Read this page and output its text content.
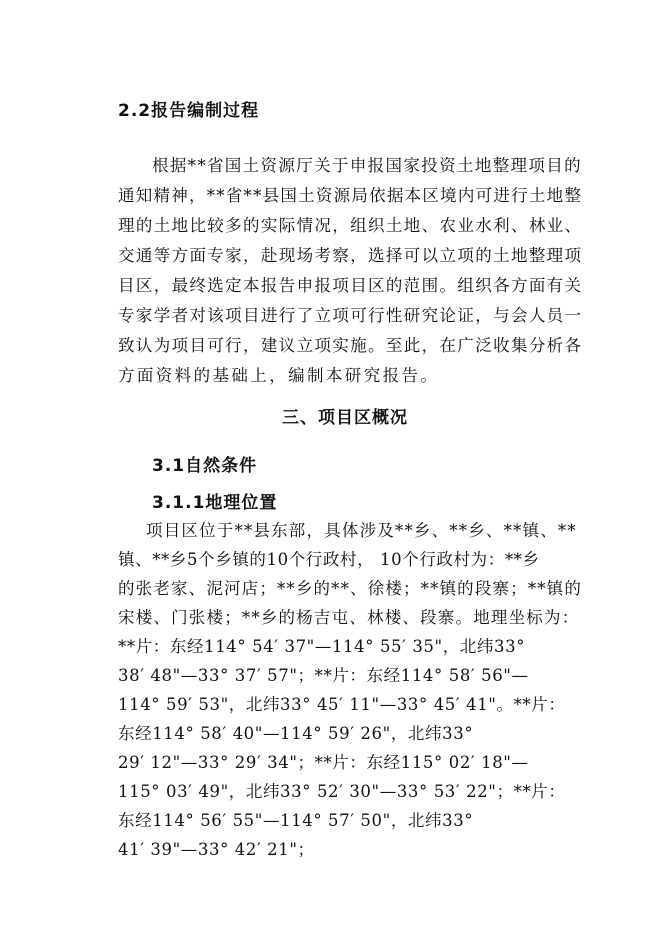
2.2报告编制过程
根据**省国土资源厅关于申报国家投资土地整理项目的
通知精神，**省**县国土资源局依据本区境内可进行土地整
理的土地比较多的实际情况，组织土地、农业水利、林业、
交通等方面专家，赴现场考察，选择可以立项的土地整理项
目区，最终选定本报告申报项目区的范围。组织各方面有关
专家学者对该项目进行了立项可行性研究论证，与会人员一
致认为项目可行，建议立项实施。至此，在广泛收集分析各
方面资料的基础上，编制本研究报告。
三、项目区概况
3.1自然条件
3.1.1地理位置
项目区位于**县东部，具体涉及**乡、**乡、**镇、**
镇、**乡5个乡镇的10个行政村， 10个行政村为：**乡
的张老家、泥河店；**乡的**、徐楼；**镇的段寨；**镇的
宋楼、门张楼；**乡的杨吉屯、林楼、段寨。地理坐标为：
**片：东经114° 54′ 37"—114° 55′ 35"，北纬33°
38′ 48"—33° 37′ 57"；**片：东经114° 58′ 56"—
114° 59′ 53"，北纬33° 45′ 11"—33° 45′ 41"。**片：
东经114° 58′ 40"—114° 59′ 26"，北纬33°
29′ 12"—33° 29′ 34"；**片：东经115° 02′ 18"—
115° 03′ 49"，北纬33° 52′ 30"—33° 53′ 22"；**片：
东经114° 56′ 55"—114° 57′ 50"，北纬33°
41′ 39"—33° 42′ 21"；
